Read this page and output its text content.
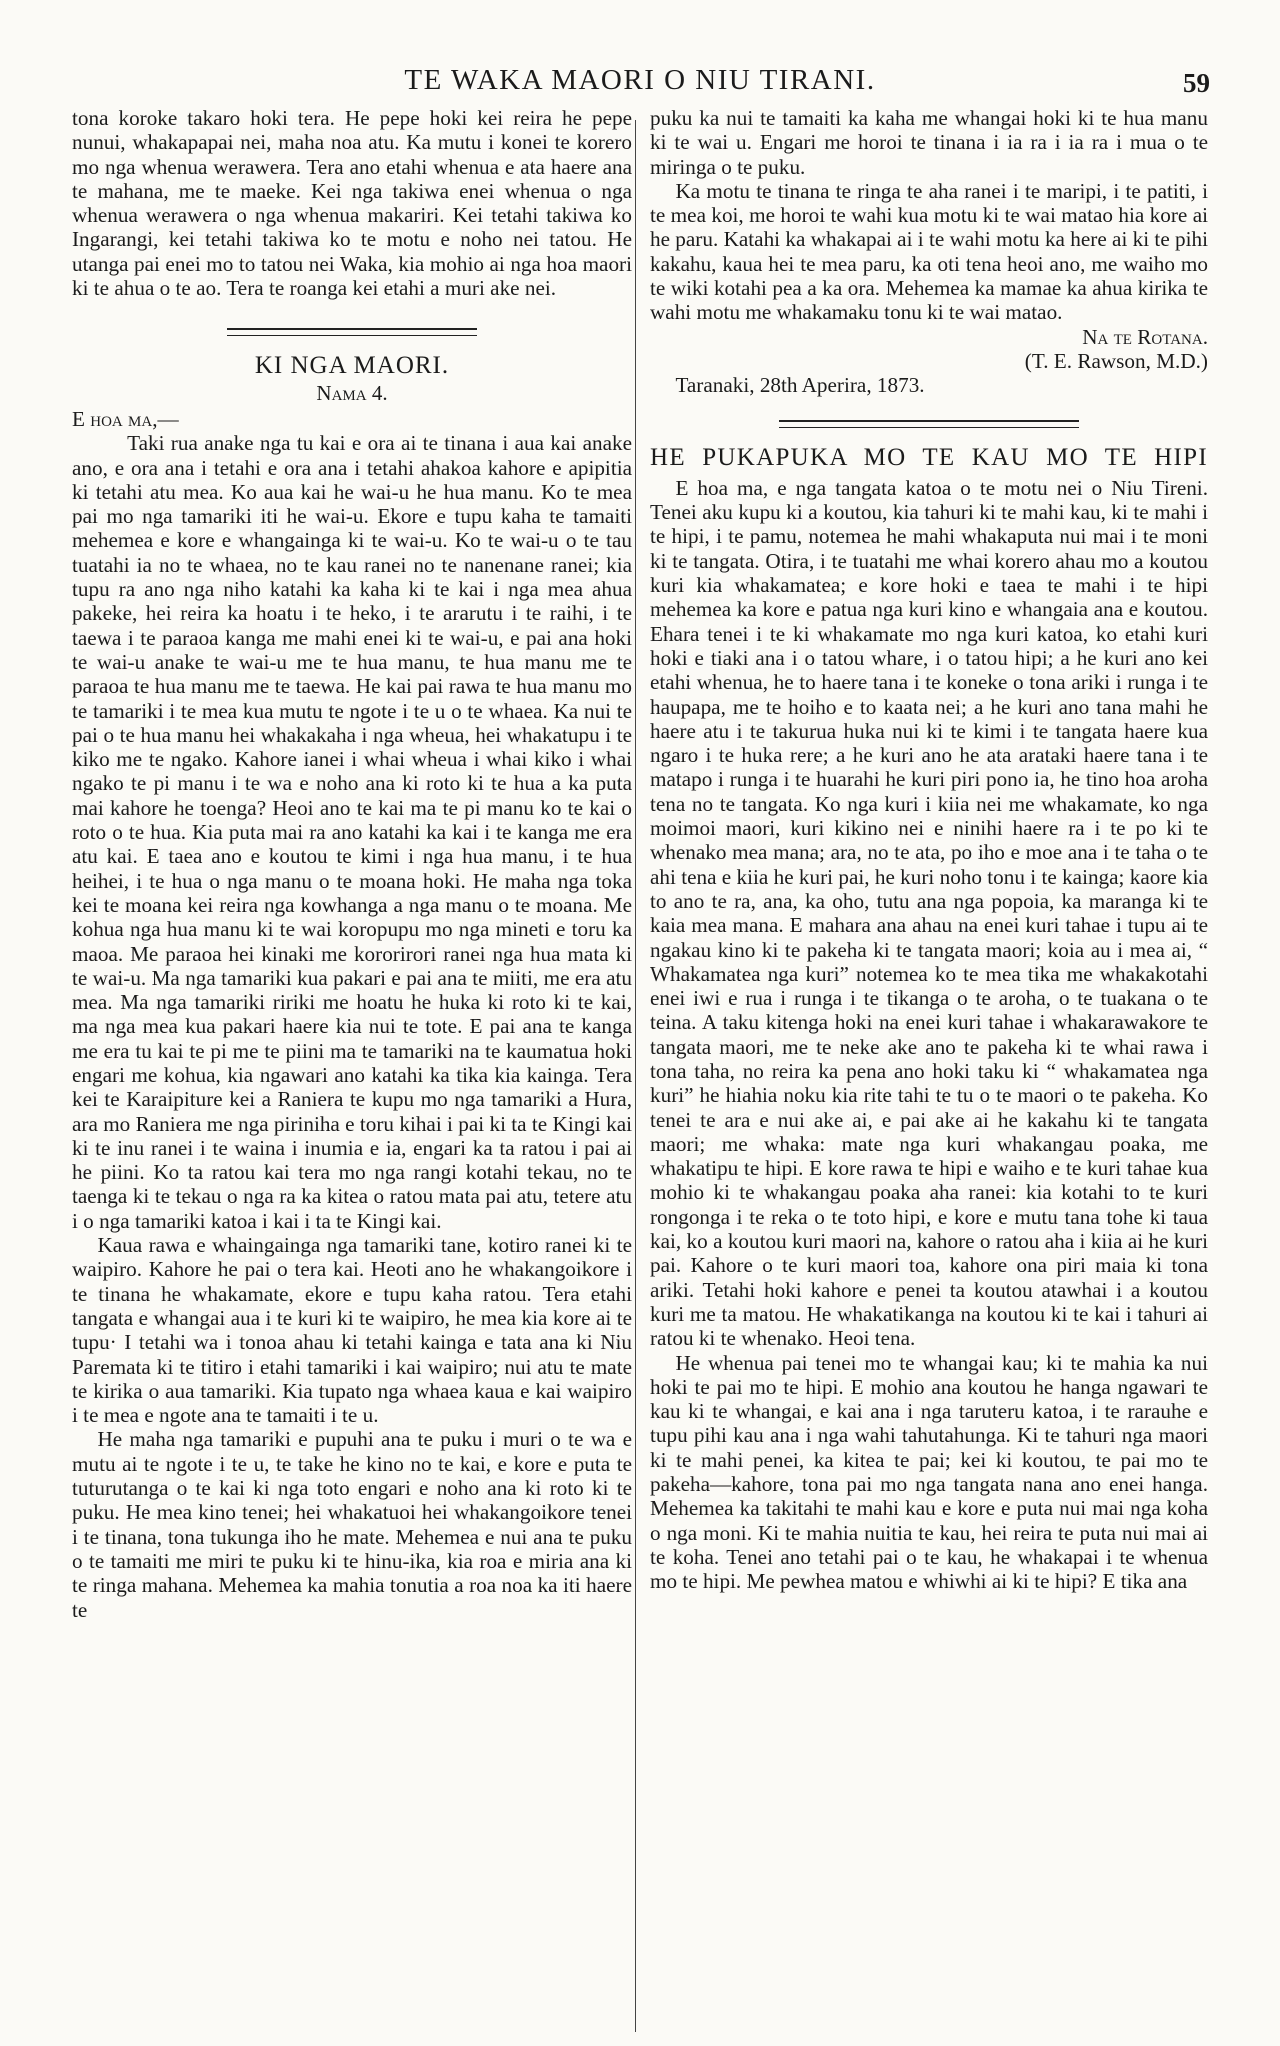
TE WAKA MAORI O NIU TIRANI.	59

tona koroke takaro hoki tera. He pepe hoki kei reira he pepe nunui, whakapapai nei, maha noa atu. Ka mutu i konei te korero mo nga whenua werawera. Tera ano etahi whenua e ata haere ana te mahana, me te maeke. Kei nga takiwa enei whenua o nga whenua werawera o nga whenua makariri. Kei tetahi takiwa ko Ingarangi, kei tetahi takiwa ko te motu e noho nei tatou. He utanga pai enei mo to tatou nei Waka, kia mohio ai nga hoa maori ki te ahua o te ao. Tera te roanga kei etahi a muri ake nei.

KI NGA MAORI.
Nama 4.

E hoa ma,—

Taki rua anake nga tu kai e ora ai te tinana i aua kai anake ano, e ora ana i tetahi e ora ana i tetahi ahakoa kahore e apipitia ki tetahi atu mea. Ko aua kai he wai-u he hua manu. Ko te mea pai mo nga tamariki iti he wai-u. Ekore e tupu kaha te tamaiti mehemea e kore e whangainga ki te wai-u. Ko te wai-u o te tau tuatahi ia no te whaea, no te kau ranei no te nanenane ranei; kia tupu ra ano nga niho katahi ka kaha ki te kai i nga mea ahua pakeke, hei reira ka hoatu i te heko, i te ararutu i te raihi, i te taewa i te paraoa kanga me mahi enei ki te wai-u, e pai ana hoki te wai-u anake te wai-u me te hua manu, te hua manu me te paraoa te hua manu me te taewa. He kai pai rawa te hua manu mo te tamariki i te mea kua mutu te ngote i te u o te whaea. Ka nui te pai o te hua manu hei whakakaha i nga wheua, hei whakatupu i te kiko me te ngako. Kahore ianei i whai wheua i whai kiko i whai ngako te pi manu i te wa e noho ana ki roto ki te hua a ka puta mai kahore he toenga? Heoi ano te kai ma te pi manu ko te kai o roto o te hua. Kia puta mai ra ano katahi ka kai i te kanga me era atu kai. E taea ano e koutou te kimi i nga hua manu, i te hua heihei, i te hua o nga manu o te moana hoki. He maha nga toka kei te moana kei reira nga kowhanga a nga manu o te moana. Me kohua nga hua manu ki te wai koropupu mo nga mineti e toru ka maoa. Me paraoa hei kinaki me kororirori ranei nga hua mata ki te wai-u. Ma nga tamariki kua pakari e pai ana te miiti, me era atu mea. Ma nga tamariki ririki me hoatu he huka ki roto ki te kai, ma nga mea kua pakari haere kia nui te tote. E pai ana te kanga me era tu kai te pi me te piini ma te tamariki na te kaumatua hoki engari me kohua, kia ngawari ano katahi ka tika kia kainga. Tera kei te Karaipiture kei a Raniera te kupu mo nga tamariki a Hura, ara mo Raniera me nga piriniha e toru kihai i pai ki ta te Kingi kai ki te inu ranei i te waina i inumia e ia, engari ka ta ratou i pai ai he piini. Ko ta ratou kai tera mo nga rangi kotahi tekau, no te taenga ki te tekau o nga ra ka kitea o ratou mata pai atu, tetere atu i o nga tamariki katoa i kai i ta te Kingi kai.

Kaua rawa e whaingainga nga tamariki tane, kotiro ranei ki te waipiro. Kahore he pai o tera kai. Heoti ano he whakangoikore i te tinana he whakamate, ekore e tupu kaha ratou. Tera etahi tangata e whangai aua i te kuri ki te waipiro, he mea kia kore ai te tupu· I tetahi wa i tonoa ahau ki tetahi kainga e tata ana ki Niu Paremata ki te titiro i etahi tamariki i kai waipiro; nui atu te mate te kirika o aua tamariki. Kia tupato nga whaea kaua e kai waipiro i te mea e ngote ana te tamaiti i te u.

He maha nga tamariki e pupuhi ana te puku i muri o te wa e mutu ai te ngote i te u, te take he kino no te kai, e kore e puta te tuturutanga o te kai ki nga toto engari e noho ana ki roto ki te puku. He mea kino tenei; hei whakatuoi hei whakangoikore tenei i te tinana, tona tukunga iho he mate. Mehemea e nui ana te puku o te tamaiti me miri te puku ki te hinu-ika, kia roa e miria ana ki te ringa mahana. Mehemea ka mahia tonutia a roa noa ka iti haere te

puku ka nui te tamaiti ka kaha me whangai hoki ki te hua manu ki te wai u. Engari me horoi te tinana i ia ra i ia ra i mua o te miringa o te puku.

Ka motu te tinana te ringa te aha ranei i te maripi, i te patiti, i te mea koi, me horoi te wahi kua motu ki te wai matao hia kore ai he paru. Katahi ka whakapai ai i te wahi motu ka here ai ki te pihi kakahu, kaua hei te mea paru, ka oti tena heoi ano, me waiho mo te wiki kotahi pea a ka ora. Mehemea ka mamae ka ahua kirika te wahi motu me whakamaku tonu ki te wai matao.

Na te Rotana.

(T. E. Rawson, M.D.)

Taranaki, 28th Aperira, 1873.

HE PUKAPUKA MO TE KAU MO TE HIPI

E hoa ma, e nga tangata katoa o te motu nei o Niu Tireni. Tenei aku kupu ki a koutou, kia tahuri ki te mahi kau, ki te mahi i te hipi, i te pamu, notemea he mahi whakaputa nui mai i te moni ki te tangata. Otira, i te tuatahi me whai korero ahau mo a koutou kuri kia whakamatea; e kore hoki e taea te mahi i te hipi mehemea ka kore e patua nga kuri kino e whangaia ana e koutou. Ehara tenei i te ki whakamate mo nga kuri katoa, ko etahi kuri hoki e tiaki ana i o tatou whare, i o tatou hipi; a he kuri ano kei etahi whenua, he to haere tana i te koneke o tona ariki i runga i te haupapa, me te hoiho e to kaata nei; a he kuri ano tana mahi he haere atu i te takurua huka nui ki te kimi i te tangata haere kua ngaro i te huka rere; a he kuri ano he ata arataki haere tana i te matapo i runga i te huarahi he kuri piri pono ia, he tino hoa aroha tena no te tangata. Ko nga kuri i kiia nei me whakamate, ko nga moimoi maori, kuri kikino nei e ninihi haere ra i te po ki te whenako mea mana; ara, no te ata, po iho e moe ana i te taha o te ahi tena e kiia he kuri pai, he kuri noho tonu i te kainga; kaore kia to ano te ra, ana, ka oho, tutu ana nga popoia, ka maranga ki te kaia mea mana. E mahara ana ahau na enei kuri tahae i tupu ai te ngakau kino ki te pakeha ki te tangata maori; koia au i mea ai, “ Whakamatea nga kuri” notemea ko te mea tika me whakakotahi enei iwi e rua i runga i te tikanga o te aroha, o te tuakana o te teina. A taku kitenga hoki na enei kuri tahae i whakarawakore te tangata maori, me te neke ake ano te pakeha ki te whai rawa i tona taha, no reira ka pena ano hoki taku ki “ whakamatea nga kuri” he hiahia noku kia rite tahi te tu o te maori o te pakeha. Ko tenei te ara e nui ake ai, e pai ake ai he kakahu ki te tangata maori; me whaka: mate nga kuri whakangau poaka, me whakatipu te hipi. E kore rawa te hipi e waiho e te kuri tahae kua mohio ki te whakangau poaka aha ranei: kia kotahi to te kuri rongonga i te reka o te toto hipi, e kore e mutu tana tohe ki taua kai, ko a koutou kuri maori na, kahore o ratou aha i kiia ai he kuri pai. Kahore o te kuri maori toa, kahore ona piri maia ki tona ariki. Tetahi hoki kahore e penei ta koutou atawhai i a koutou kuri me ta matou. He whakatikanga na koutou ki te kai i tahuri ai ratou ki te whenako. Heoi tena.

He whenua pai tenei mo te whangai kau; ki te mahia ka nui hoki te pai mo te hipi. E mohio ana koutou he hanga ngawari te kau ki te whangai, e kai ana i nga taruteru katoa, i te rarauhe e tupu pihi kau ana i nga wahi tahutahunga. Ki te tahuri nga maori ki te mahi penei, ka kitea te pai; kei ki koutou, te pai mo te pakeha—kahore, tona pai mo nga tangata nana ano enei hanga. Mehemea ka takitahi te mahi kau e kore e puta nui mai nga koha o nga moni. Ki te mahia nuitia te kau, hei reira te puta nui mai ai te koha. Tenei ano tetahi pai o te kau, he whakapai i te whenua mo te hipi. Me pewhea matou e whiwhi ai ki te hipi? E tika ana
